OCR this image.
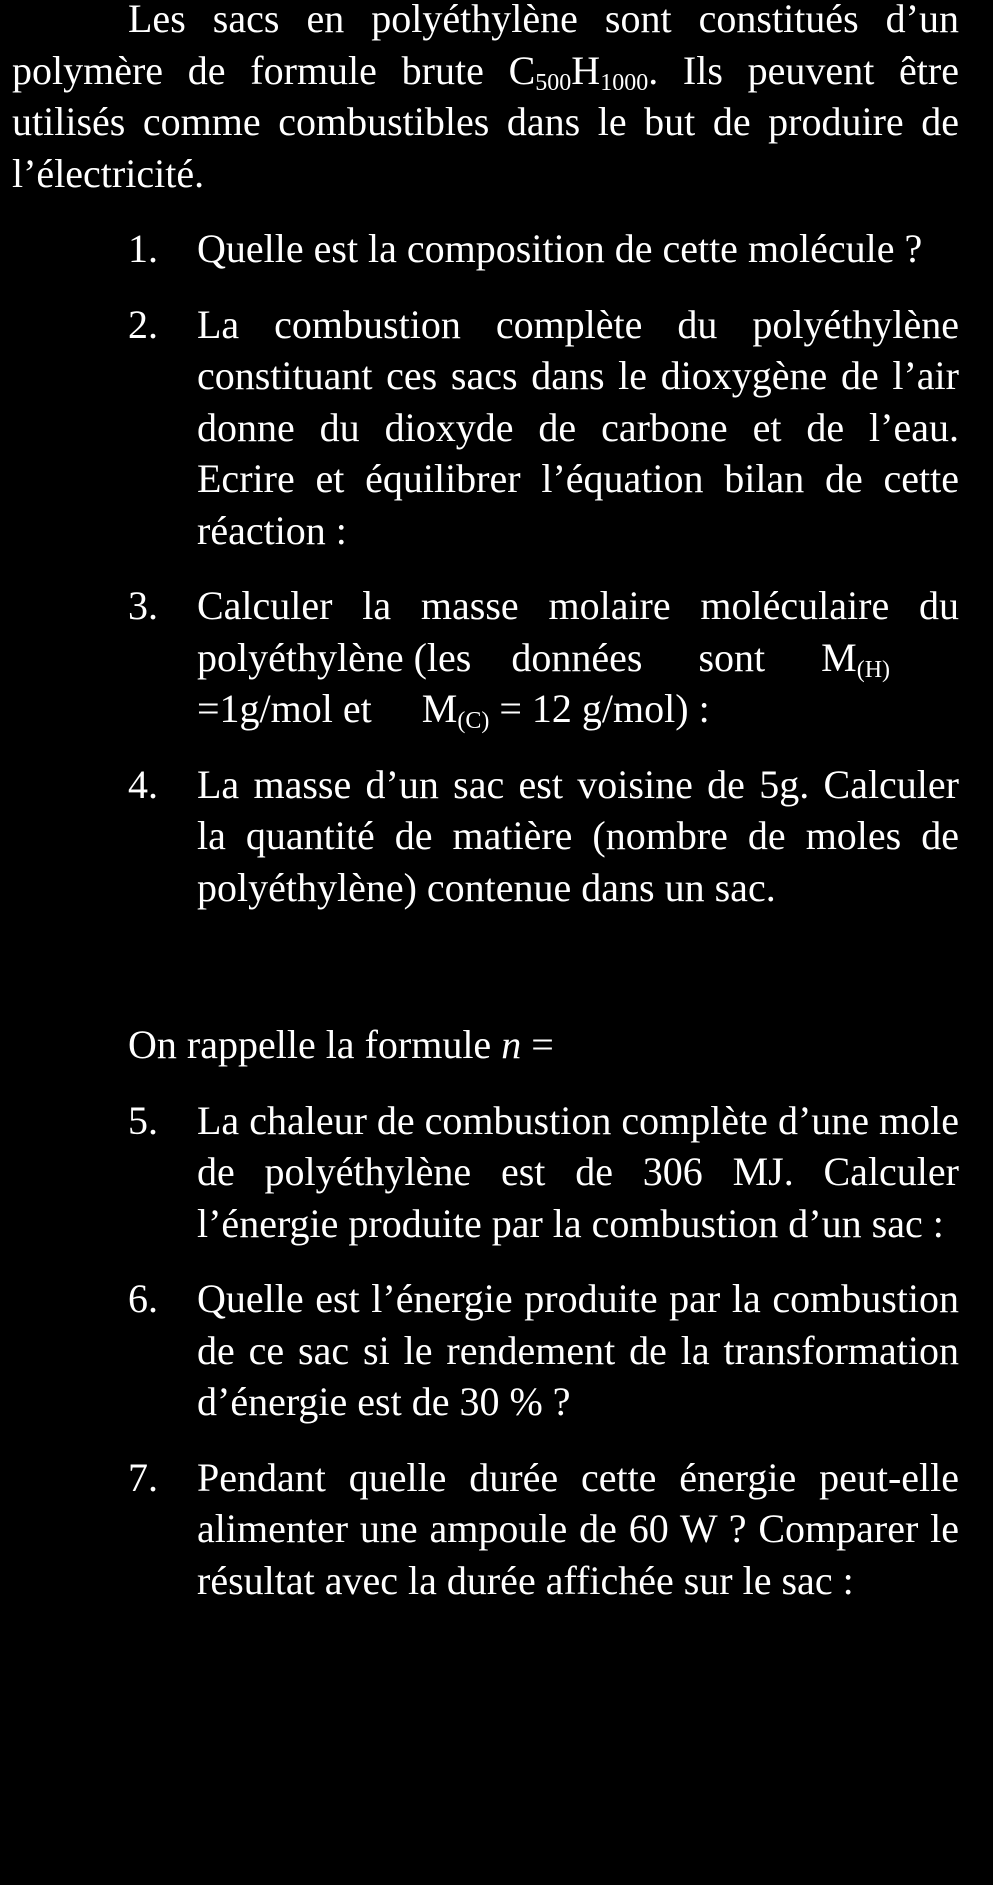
Les sacs en polyéthylène sont constitués d’un polymère de formule brute $C_{500}H_{1000}$. Ils peuvent être utilisés comme combustibles dans le but de produire de l’électricité.

1. Quelle est la composition de cette molécule ?
2. La combustion complète du polyéthylène constituant ces sacs dans le dioxygène de l’air donne du dioxyde de carbone et de l’eau. Ecrire et équilibrer l’équation bilan de cette réaction :
3. Calculer la masse molaire moléculaire du polyéthylène (les données sont $M_{(H)}$
=1g/mol et $M_{(C)} = 12$ g/mol) :
4. La masse d’un sac est voisine de 5g. Calculer la quantité de matière (nombre de moles de polyéthylène) contenue dans un sac.

On rappelle la formule n =

5. La chaleur de combustion complète d’une mole de polyéthylène est de 306 MJ. Calculer l’énergie produite par la combustion d’un sac :
6. Quelle est l’énergie produite par la combustion de ce sac si le rendement de la transformation d’énergie est de 30 % ?
7. Pendant quelle durée cette énergie peut-elle alimenter une ampoule de 60 W ? Comparer le résultat avec la durée affichée sur le sac :
